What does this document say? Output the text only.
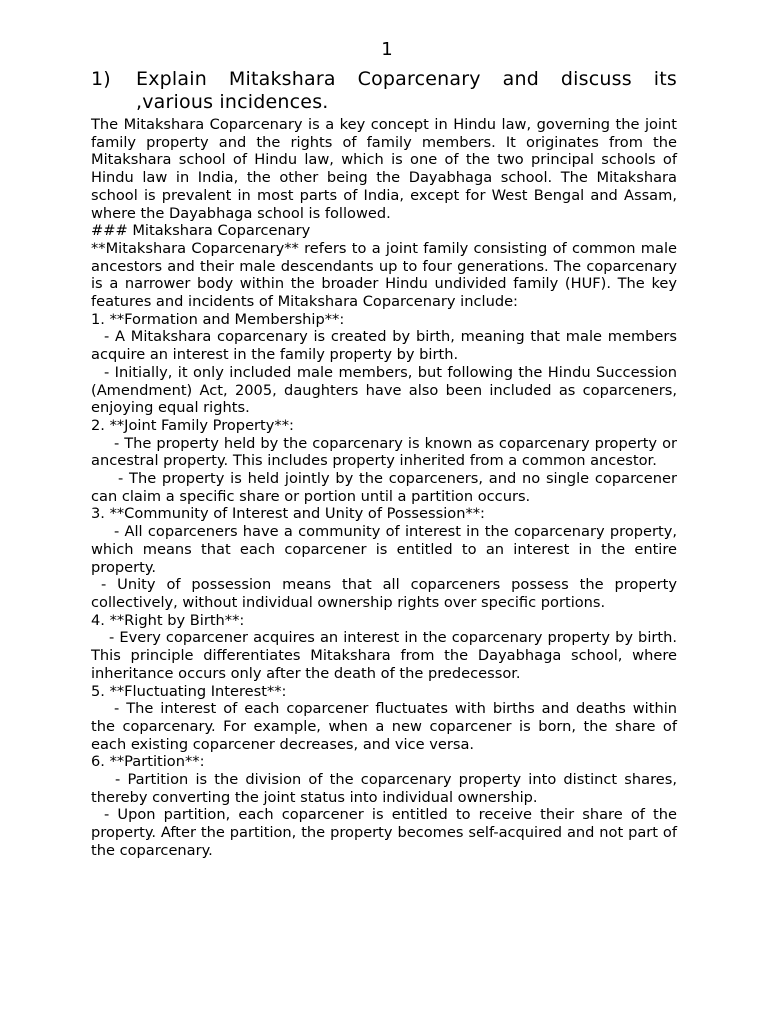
1
1)	Explain Mitakshara Coparcenary and discuss its ,various incidences.

The Mitakshara Coparcenary is a key concept in Hindu law, governing the joint family property and the rights of family members. It originates from the Mitakshara school of Hindu law, which is one of the two principal schools of Hindu law in India, the other being the Dayabhaga school. The Mitakshara school is prevalent in most parts of India, except for West Bengal and Assam, where the Dayabhaga school is followed.

### Mitakshara Coparcenary

**Mitakshara Coparcenary** refers to a joint family consisting of common male ancestors and their male descendants up to four generations. The coparcenary is a narrower body within the broader Hindu undivided family (HUF). The key features and incidents of Mitakshara Coparcenary include:

1. **Formation and Membership**:

- A Mitakshara coparcenary is created by birth, meaning that male members acquire an interest in the family property by birth.

- Initially, it only included male members, but following the Hindu Succession (Amendment) Act, 2005, daughters have also been included as coparceners, enjoying equal rights.

2. **Joint Family Property**:

- The property held by the coparcenary is known as coparcenary property or ancestral property. This includes property inherited from a common ancestor.

- The property is held jointly by the coparceners, and no single coparcener can claim a specific share or portion until a partition occurs.

3. **Community of Interest and Unity of Possession**:

- All coparceners have a community of interest in the coparcenary property, which means that each coparcener is entitled to an interest in the entire property.

- Unity of possession means that all coparceners possess the property collectively, without individual ownership rights over specific portions.

4. **Right by Birth**:

- Every coparcener acquires an interest in the coparcenary property by birth. This principle differentiates Mitakshara from the Dayabhaga school, where inheritance occurs only after the death of the predecessor.

5. **Fluctuating Interest**:

- The interest of each coparcener fluctuates with births and deaths within the coparcenary. For example, when a new coparcener is born, the share of each existing coparcener decreases, and vice versa.

6. **Partition**:

- Partition is the division of the coparcenary property into distinct shares, thereby converting the joint status into individual ownership.

- Upon partition, each coparcener is entitled to receive their share of the property. After the partition, the property becomes self-acquired and not part of the coparcenary.
